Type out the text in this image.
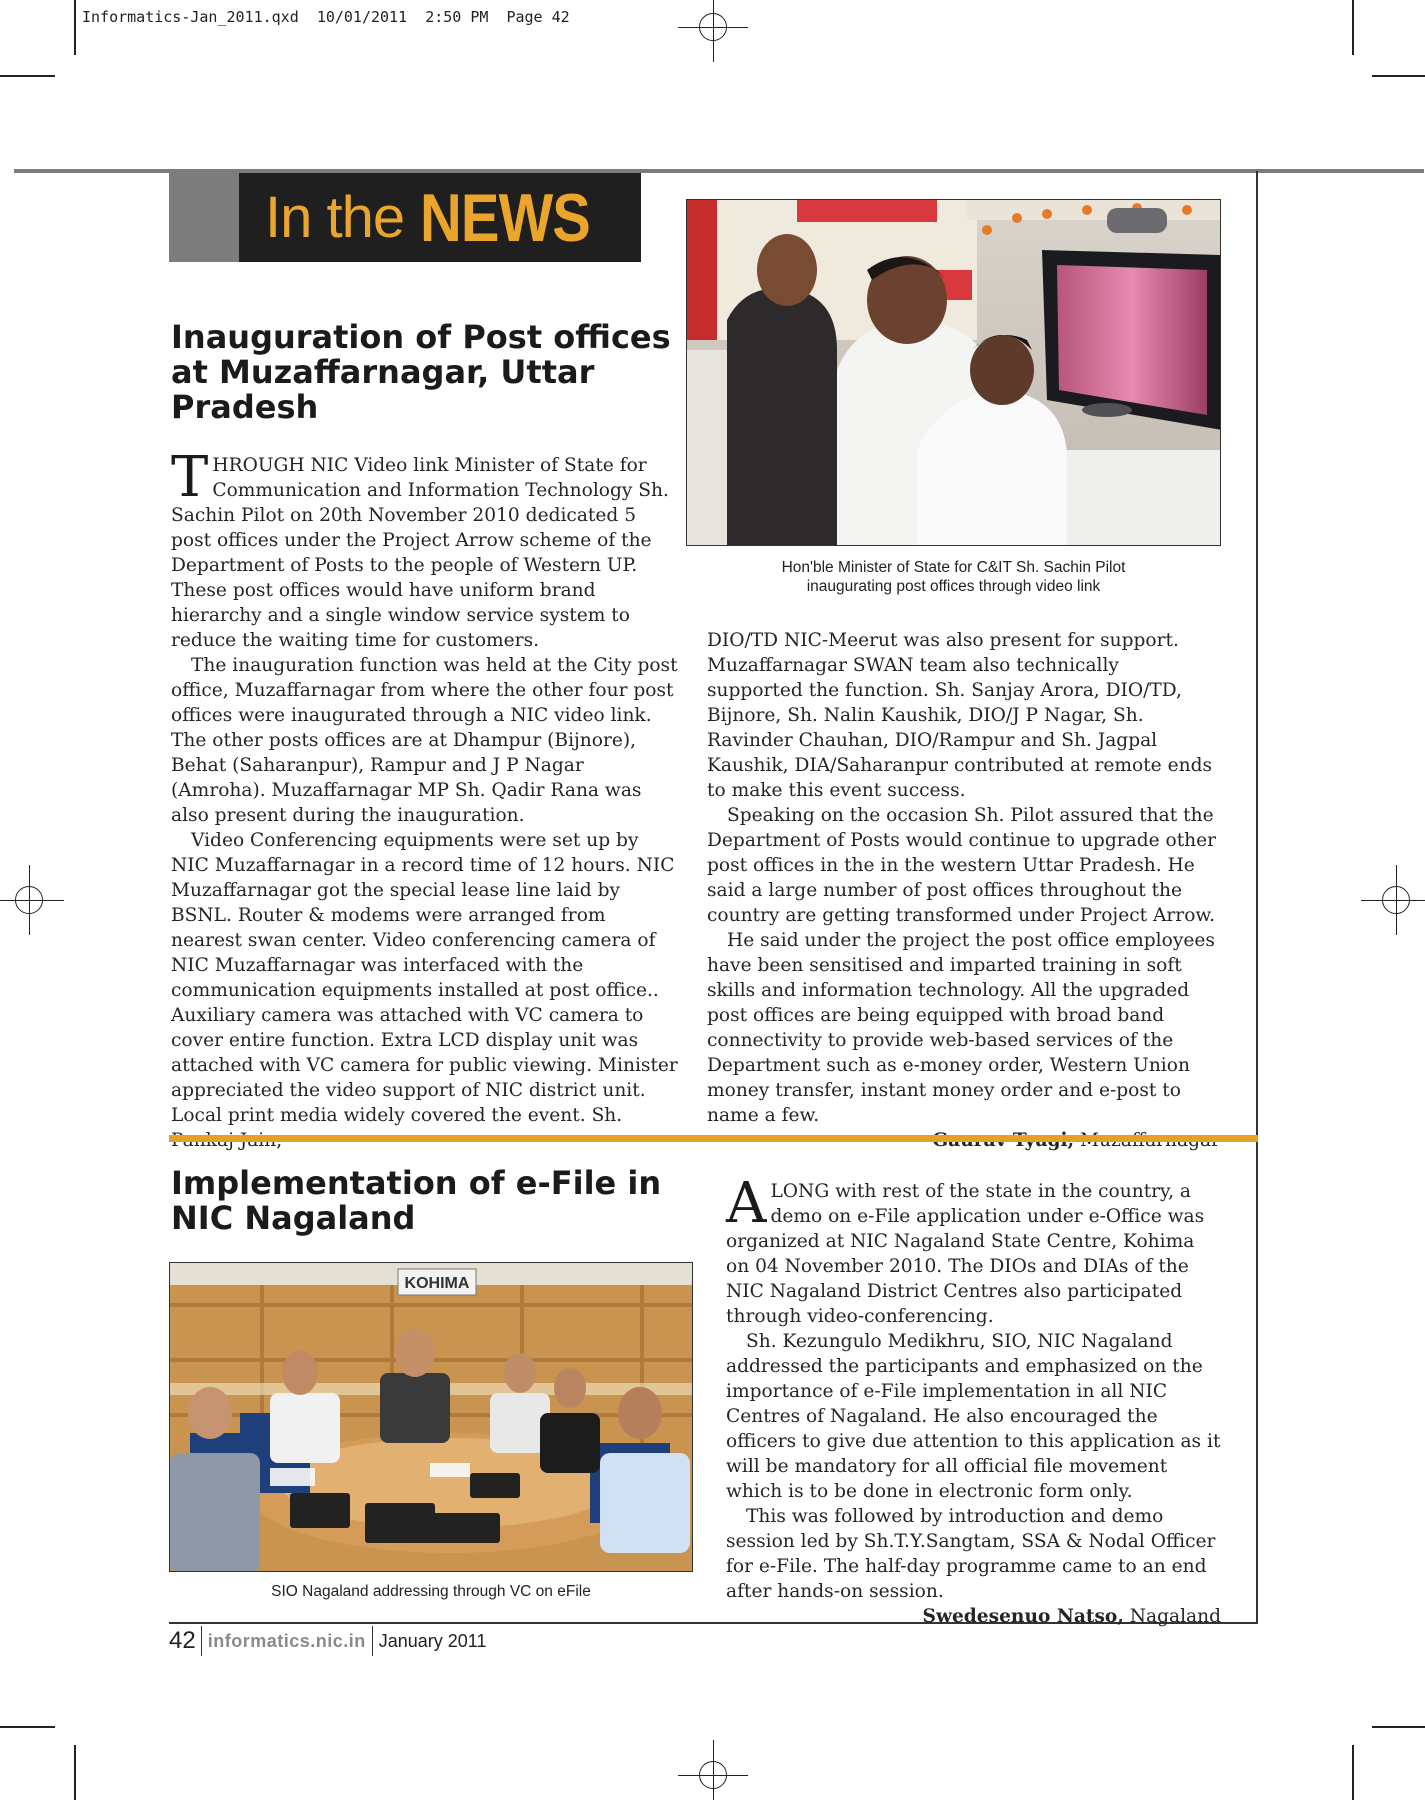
Informatics-Jan_2011.qxd 10/01/2011 2:50 PM Page 42
In the NEWS
Inauguration of Post offices at Muzaffarnagar, Uttar Pradesh
Hon'ble Minister of State for C&IT Sh. Sachin Pilot inaugurating post offices through video link

THROUGH NIC Video link Minister of State for Communication and Information Technology Sh. Sachin Pilot on 20th November 2010 dedicated 5 post offices under the Project Arrow scheme of the Department of Posts to the people of Western UP. These post offices would have uniform brand hierarchy and a single window service system to reduce the waiting time for customers.

The inauguration function was held at the City post office, Muzaffarnagar from where the other four post offices were inaugurated through a NIC video link. The other posts offices are at Dhampur (Bijnore), Behat (Saharanpur), Rampur and J P Nagar (Amroha). Muzaffarnagar MP Sh. Qadir Rana was also present during the inauguration.

Video Conferencing equipments were set up by NIC Muzaffarnagar in a record time of 12 hours. NIC Muzaffarnagar got the special lease line laid by BSNL. Router & modems were arranged from nearest swan center. Video conferencing camera of NIC Muzaffarnagar was interfaced with the communication equipments installed at post office.. Auxiliary camera was attached with VC camera to cover entire function. Extra LCD display unit was attached with VC camera for public viewing. Minister appreciated the video support of NIC district unit. Local print media widely covered the event. Sh.

DIO/TD NIC-Meerut was also present for support. Muzaffarnagar SWAN team also technically supported the function. Sh. Sanjay Arora, DIO/TD, Bijnore, Sh. Nalin Kaushik, DIO/J P Nagar, Sh. Ravinder Chauhan, DIO/Rampur and Sh. Jagpal Kaushik, DIA/Saharanpur contributed at remote ends to make this event success.

Speaking on the occasion Sh. Pilot assured that the Department of Posts would continue to upgrade other post offices in the in the western Uttar Pradesh. He said a large number of post offices throughout the country are getting transformed under Project Arrow.

He said under the project the post office employees have been sensitised and imparted training in soft skills and information technology. All the upgraded post offices are being equipped with broad band connectivity to provide web-based services of the Department such as e-money order, Western Union money transfer, instant money order and e-post to name a few.

Implementation of e-File in NIC Nagaland
KOHIMA
SIO Nagaland addressing through VC on eFile

ALONG with rest of the state in the country, a demo on e-File application under e-Office was organized at NIC Nagaland State Centre, Kohima on 04 November 2010. The DIOs and DIAs of the NIC Nagaland District Centres also participated through video-conferencing.

Sh. Kezungulo Medikhru, SIO, NIC Nagaland addressed the participants and emphasized on the importance of e-File implementation in all NIC Centres of Nagaland. He also encouraged the officers to give due attention to this application as it will be mandatory for all official file movement which is to be done in electronic form only.

This was followed by introduction and demo session led by Sh.T.Y.Sangtam, SSA & Nodal Officer for e-File. The half-day programme came to an end after hands-on session.

Swedesenuo Natso, Nagaland

42 informatics.nic.in January 2011
